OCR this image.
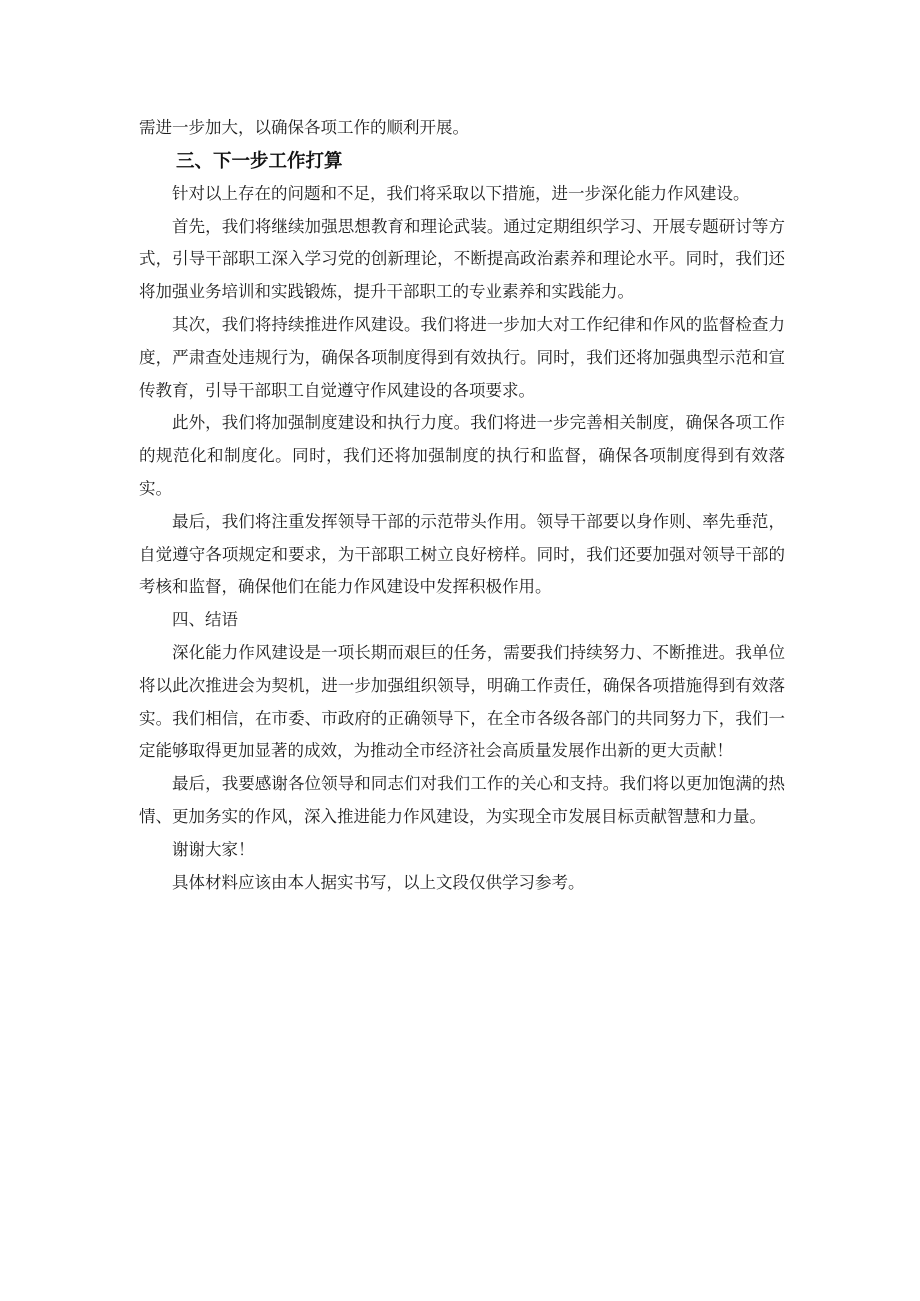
需进一步加大，以确保各项工作的顺利开展。

三、下一步工作打算

针对以上存在的问题和不足，我们将采取以下措施，进一步深化能力作风建设。

首先，我们将继续加强思想教育和理论武装。通过定期组织学习、开展专题研讨等方式，引导干部职工深入学习党的创新理论，不断提高政治素养和理论水平。同时，我们还将加强业务培训和实践锻炼，提升干部职工的专业素养和实践能力。

其次，我们将持续推进作风建设。我们将进一步加大对工作纪律和作风的监督检查力度，严肃查处违规行为，确保各项制度得到有效执行。同时，我们还将加强典型示范和宣传教育，引导干部职工自觉遵守作风建设的各项要求。

此外，我们将加强制度建设和执行力度。我们将进一步完善相关制度，确保各项工作的规范化和制度化。同时，我们还将加强制度的执行和监督，确保各项制度得到有效落实。

最后，我们将注重发挥领导干部的示范带头作用。领导干部要以身作则、率先垂范，自觉遵守各项规定和要求，为干部职工树立良好榜样。同时，我们还要加强对领导干部的考核和监督，确保他们在能力作风建设中发挥积极作用。

四、结语

深化能力作风建设是一项长期而艰巨的任务，需要我们持续努力、不断推进。我单位将以此次推进会为契机，进一步加强组织领导，明确工作责任，确保各项措施得到有效落实。我们相信，在市委、市政府的正确领导下，在全市各级各部门的共同努力下，我们一定能够取得更加显著的成效，为推动全市经济社会高质量发展作出新的更大贡献！

最后，我要感谢各位领导和同志们对我们工作的关心和支持。我们将以更加饱满的热情、更加务实的作风，深入推进能力作风建设，为实现全市发展目标贡献智慧和力量。

谢谢大家！

具体材料应该由本人据实书写，以上文段仅供学习参考。
